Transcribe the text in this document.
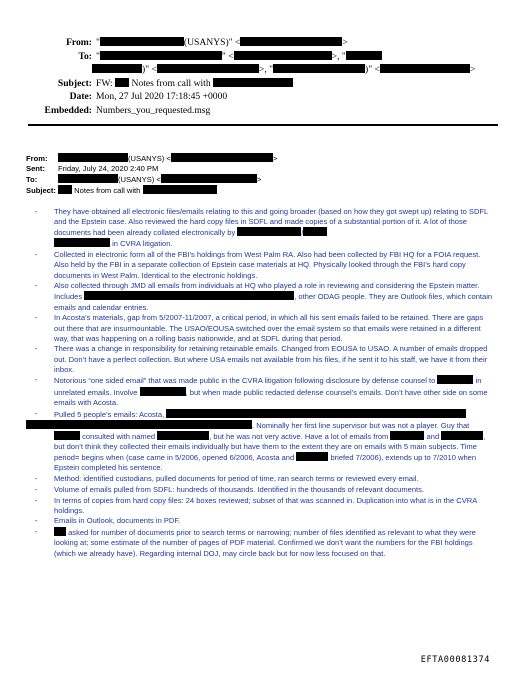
From: "	(USANYS)" <	>
To: "	" <	>, "
)" <	>, "	)" <	>
Subject: FW: Notes from call with
Date: Mon, 27 Jul 2020 17:18:45 +0000
Embedded: Numbers_you_requested.msg
From:	(USANYS) <	>
Sent: Friday, July 24, 2020 2:40 PM
To:	(USANYS) <	>
Subject: Notes from call with
- They have obtained all electronic files/emails relating to this and going broader (based on how they got swept up) relating to SDFL and the Epstein case. Also reviewed the hard copy files in SDFL and made copies of a substantial portion of it. A lot of those documents had been already collated electronically by	/
in CVRA litigation.
- Collected in electronic form all of the FBI’s holdings from West Palm RA. Also had been collected by FBI HQ for a FOIA request. Also held by the FBI in a separate collection of Epstein case materials at HQ. Physically looked through the FBI’s hard copy documents in West Palm. Identical to the electronic holdings.
- Also collected through JMD all emails from individuals at HQ who played a role in reviewing and considering the Epstein matter. Includes	, other ODAG people. They are Outlook files, which contain emails and calendar entries.
- In Acosta’s materials, gap from 5/2007-11/2007, a critical period, in which all his sent emails failed to be retained. There are gaps out there that are insurmountable. The USAO/EOUSA switched over the email system so that emails were retained in a different way, that was happening on a rolling basis nationwide, and at SDFL during that period.
- There was a change in responsibility for retaining retainable emails. Changed from EOUSA to USAO. A number of emails dropped out. Don’t have a perfect collection. But where USA emails not available from his files, if he sent it to his staff, we have it from their inbox.
- Notorious “one sided email” that was made public in the CVRA litigation following disclosure by defense counsel to	in unrelated emails. Involve	, but when made public redacted defense counsel’s emails. Don’t have other side on some emails with Acosta.
- Pulled 5 people’s emails: Acosta,
. Nominally her first line supervisor but was not a player. Guy that  consulted with named	, but he was not very active. Have a lot of emails from	and	, but don’t think they collected their emails individually but have them to the extent they are on emails with 5 main subjects. Time period= begins when (case came in 5/2006, opened 6/2006, Acosta and	briefed 7/2006), extends up to 7/2010 when Epstein completed his sentence.
- Method: identified custodians, pulled documents for period of time, ran search terms or reviewed every email.
- Volume of emails pulled from SDFL: hundreds of thousands. Identified in the thousands of relevant documents.
- In terms of copies from hard copy files: 24 boxes reviewed; subset of that was scanned in. Duplication into what is in the CVRA holdings.
- Emails in Outlook, documents in PDF.
-	asked for number of documents prior to search terms or narrowing; number of files identified as relevant to what they were looking at; some estimate of the number of pages of PDF material. Confirmed we don’t want the numbers for the FBI holdings (which we already have). Regarding internal DOJ, may circle back but for now less focused on that.
EFTA00081374
